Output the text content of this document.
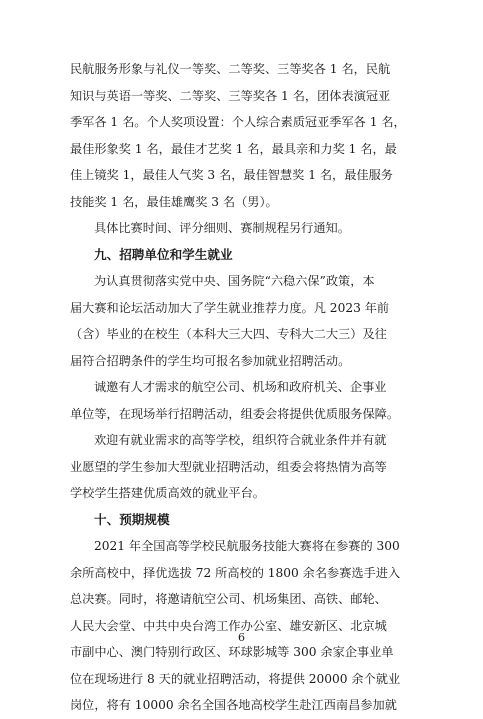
民航服务形象与礼仪一等奖、二等奖、三等奖各 1 名，民航
知识与英语一等奖、二等奖、三等奖各 1 名，团体表演冠亚
季军各 1 名。个人奖项设置：个人综合素质冠亚季军各 1 名，
最佳形象奖 1 名，最佳才艺奖 1 名，最具亲和力奖 1 名，最
佳上镜奖 1，最佳人气奖 3 名，最佳智慧奖 1 名，最佳服务
技能奖 1 名，最佳雄鹰奖 3 名（男）。
具体比赛时间、评分细则、赛制规程另行通知。
九、招聘单位和学生就业
为认真贯彻落实党中央、国务院“六稳六保”政策，本
届大赛和论坛活动加大了学生就业推荐力度。凡 2023 年前
（含）毕业的在校生（本科大三大四、专科大二大三）及往
届符合招聘条件的学生均可报名参加就业招聘活动。
诚邀有人才需求的航空公司、机场和政府机关、企事业
单位等，在现场举行招聘活动，组委会将提供优质服务保障。
欢迎有就业需求的高等学校，组织符合就业条件并有就
业愿望的学生参加大型就业招聘活动，组委会将热情为高等
学校学生搭建优质高效的就业平台。
十、预期规模
2021 年全国高等学校民航服务技能大赛将在参赛的 300
余所高校中，择优选拔 72 所高校的 1800 余名参赛选手进入
总决赛。同时，将邀请航空公司、机场集团、高铁、邮轮、
人民大会堂、中共中央台湾工作办公室、雄安新区、北京城
市副中心、澳门特别行政区、环球影城等 300 余家企事业单
位在现场进行 8 天的就业招聘活动，将提供 20000 余个就业
岗位，将有 10000 余名全国各地高校学生赴江西南昌参加就
6
